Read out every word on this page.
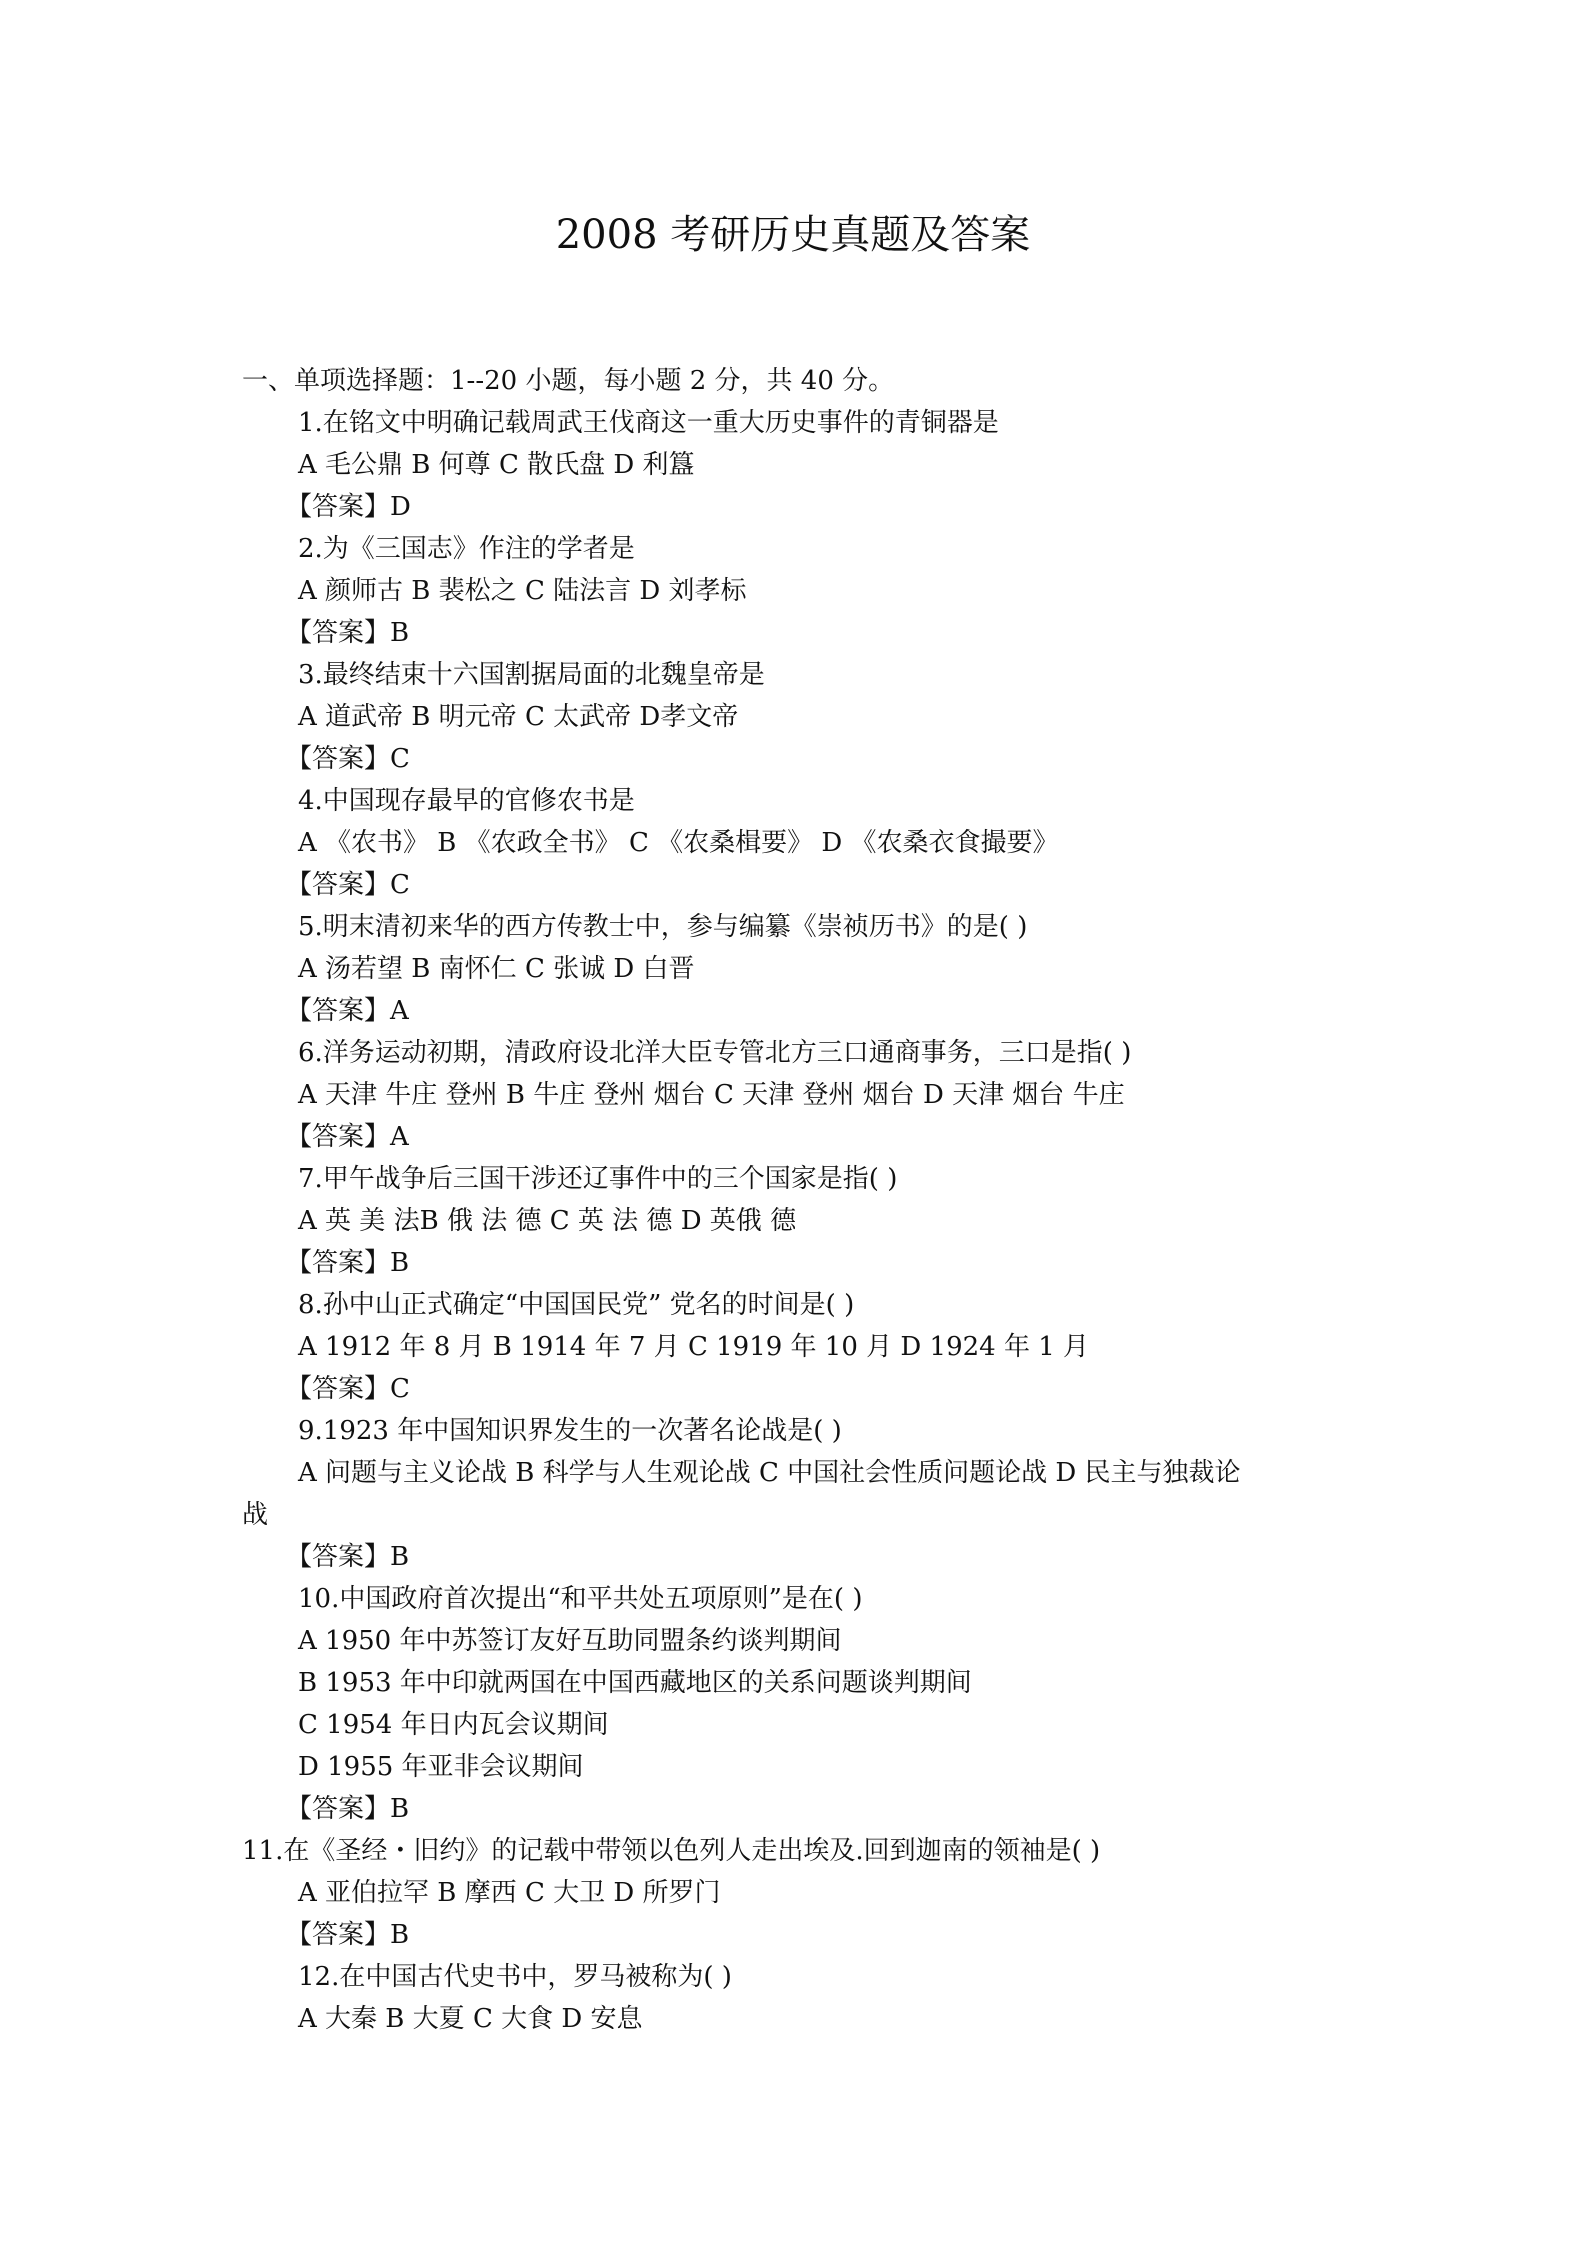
2008 考研历史真题及答案
一、单项选择题：1--20 小题，每小题 2 分，共 40 分。
1.在铭文中明确记载周武王伐商这一重大历史事件的青铜器是
A 毛公鼎 B 何尊 C 散氏盘 D 利簋
【答案】D
2.为《三国志》作注的学者是
A 颜师古 B 裴松之 C 陆法言 D 刘孝标
【答案】B
3.最终结束十六国割据局面的北魏皇帝是
A 道武帝 B 明元帝 C 太武帝 D孝文帝
【答案】C
4.中国现存最早的官修农书是
A 《农书》 B 《农政全书》 C 《农桑楫要》 D 《农桑衣食撮要》
【答案】C
5.明末清初来华的西方传教士中，参与编纂《崇祯历书》的是( )
A 汤若望 B 南怀仁 C 张诚 D 白晋
【答案】A
6.洋务运动初期，清政府设北洋大臣专管北方三口通商事务，三口是指( )
A 天津 牛庄 登州 B 牛庄 登州 烟台 C 天津 登州 烟台 D 天津 烟台 牛庄
【答案】A
7.甲午战争后三国干涉还辽事件中的三个国家是指( )
A 英 美 法B 俄 法 德 C 英 法 德 D 英俄 德
【答案】B
8.孙中山正式确定“中国国民党” 党名的时间是( )
A 1912 年 8 月 B 1914 年 7 月 C 1919 年 10 月 D 1924 年 1 月
【答案】C
9.1923 年中国知识界发生的一次著名论战是( )
A 问题与主义论战 B 科学与人生观论战 C 中国社会性质问题论战 D 民主与独裁论
战
【答案】B
10.中国政府首次提出“和平共处五项原则”是在( )
A 1950 年中苏签订友好互助同盟条约谈判期间
B 1953 年中印就两国在中国西藏地区的关系问题谈判期间
C 1954 年日内瓦会议期间
D 1955 年亚非会议期间
【答案】B
11.在《圣经・旧约》的记载中带领以色列人走出埃及.回到迦南的领袖是( )
A 亚伯拉罕 B 摩西 C 大卫 D 所罗门
【答案】B
12.在中国古代史书中，罗马被称为( )
A 大秦 B 大夏 C 大食 D 安息
